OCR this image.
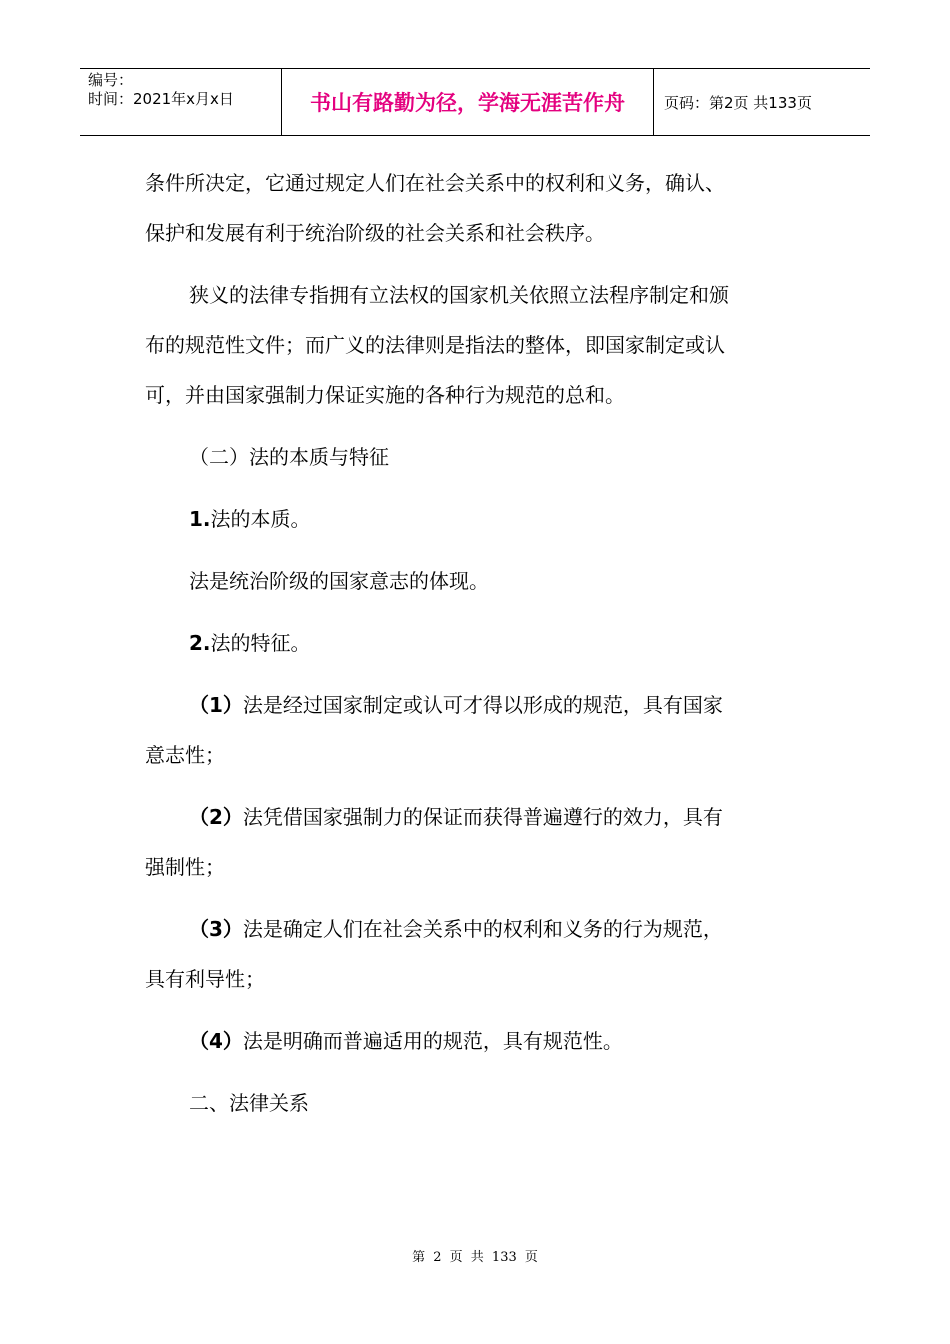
编号：
时间：2021年x月x日	书山有路勤为径，学海无涯苦作舟	页码：第2页 共133页

条件所决定，它通过规定人们在社会关系中的权利和义务，确认、

保护和发展有利于统治阶级的社会关系和社会秩序。

狭义的法律专指拥有立法权的国家机关依照立法程序制定和颁

布的规范性文件；而广义的法律则是指法的整体，即国家制定或认

可，并由国家强制力保证实施的各种行为规范的总和。

（二）法的本质与特征

1.法的本质。

法是统治阶级的国家意志的体现。

2.法的特征。

（1）法是经过国家制定或认可才得以形成的规范，具有国家

意志性；

（2）法凭借国家强制力的保证而获得普遍遵行的效力，具有

强制性；

（3）法是确定人们在社会关系中的权利和义务的行为规范，

具有利导性；

（4）法是明确而普遍适用的规范，具有规范性。

二、法律关系

第 2 页 共 133 页
